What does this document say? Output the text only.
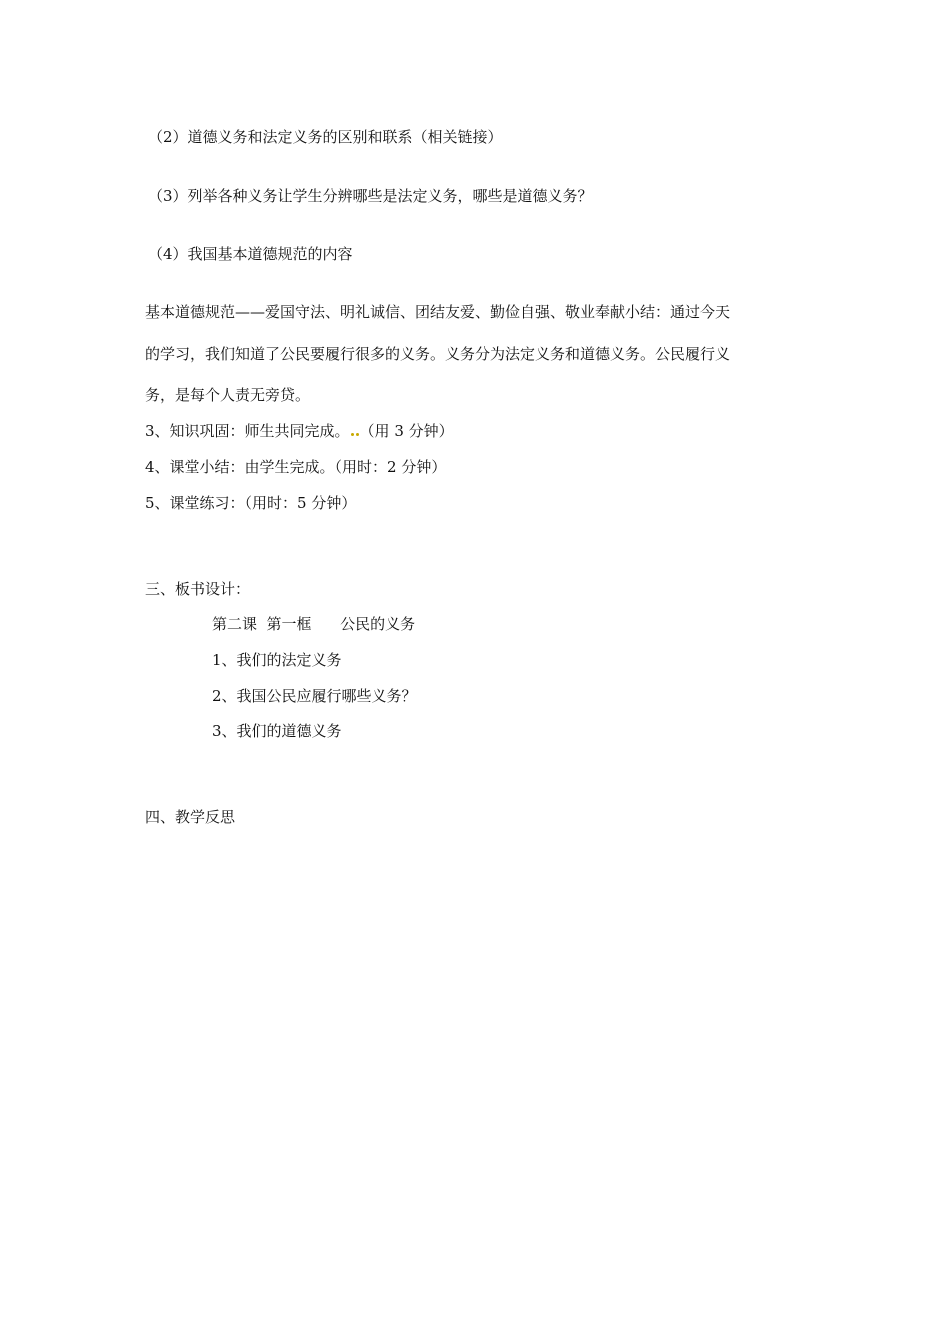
（2）道德义务和法定义务的区别和联系（相关链接）
（3）列举各种义务让学生分辨哪些是法定义务，哪些是道德义务？
（4）我国基本道德规范的内容
基本道德规范——爱国守法、明礼诚信、团结友爱、勤俭自强、敬业奉献小结：通过今天
的学习，我们知道了公民要履行很多的义务。义务分为法定义务和道德义务。公民履行义
务，是每个人责无旁贷。
3、知识巩固：师生共同完成。 （用 3 分钟）
4、课堂小结：由学生完成。（用时：2 分钟）
5、课堂练习：（用时：5 分钟）
三、板书设计：
第二课  第一框      公民的义务
1、我们的法定义务
2、我国公民应履行哪些义务？
3、我们的道德义务
四、教学反思
